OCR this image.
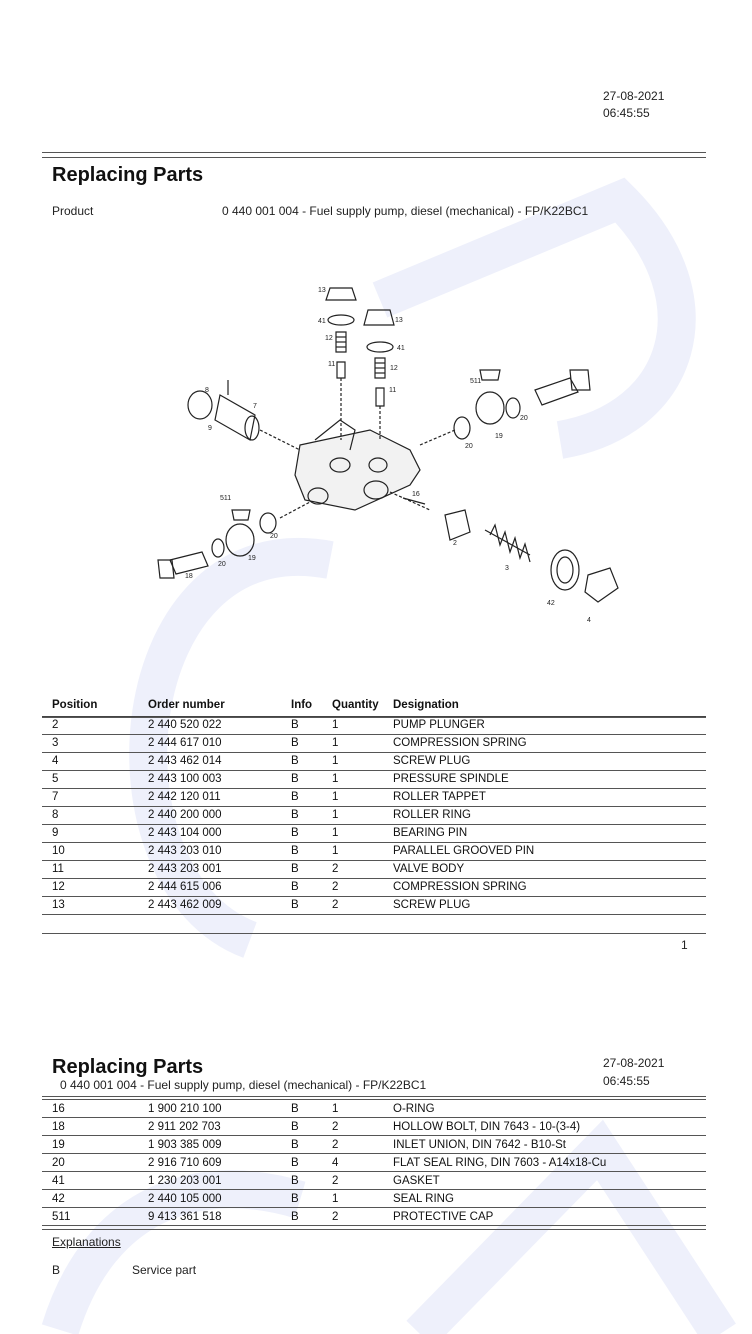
27-08-2021
06:45:55
Replacing Parts
Product	0 440 001 004 - Fuel supply pump, diesel (mechanical) - FP/K22BC1
13
41
12
11
13
41
12
11
511
8
7
9
16
511
20
19
20
20
19
20
18
2
3
42
4
Position	Order number	Info	Quantity	Designation
2	2 440 520 022	B	1	PUMP PLUNGER
3	2 444 617 010	B	1	COMPRESSION SPRING
4	2 443 462 014	B	1	SCREW PLUG
5	2 443 100 003	B	1	PRESSURE SPINDLE
7	2 442 120 011	B	1	ROLLER TAPPET
8	2 440 200 000	B	1	ROLLER RING
9	2 443 104 000	B	1	BEARING PIN
10	2 443 203 010	B	1	PARALLEL GROOVED PIN
11	2 443 203 001	B	2	VALVE BODY
12	2 444 615 006	B	2	COMPRESSION SPRING
13	2 443 462 009	B	2	SCREW PLUG
1
Replacing Parts
0 440 001 004 - Fuel supply pump, diesel (mechanical) - FP/K22BC1
27-08-2021
06:45:55
16	1 900 210 100	B	1	O-RING
18	2 911 202 703	B	2	HOLLOW BOLT, DIN 7643 - 10-(3-4)
19	1 903 385 009	B	2	INLET UNION, DIN 7642 - B10-St
20	2 916 710 609	B	4	FLAT SEAL RING, DIN 7603 - A14x18-Cu
41	1 230 203 001	B	2	GASKET
42	2 440 105 000	B	1	SEAL RING
511	9 413 361 518	B	2	PROTECTIVE CAP
Explanations
B	Service part
